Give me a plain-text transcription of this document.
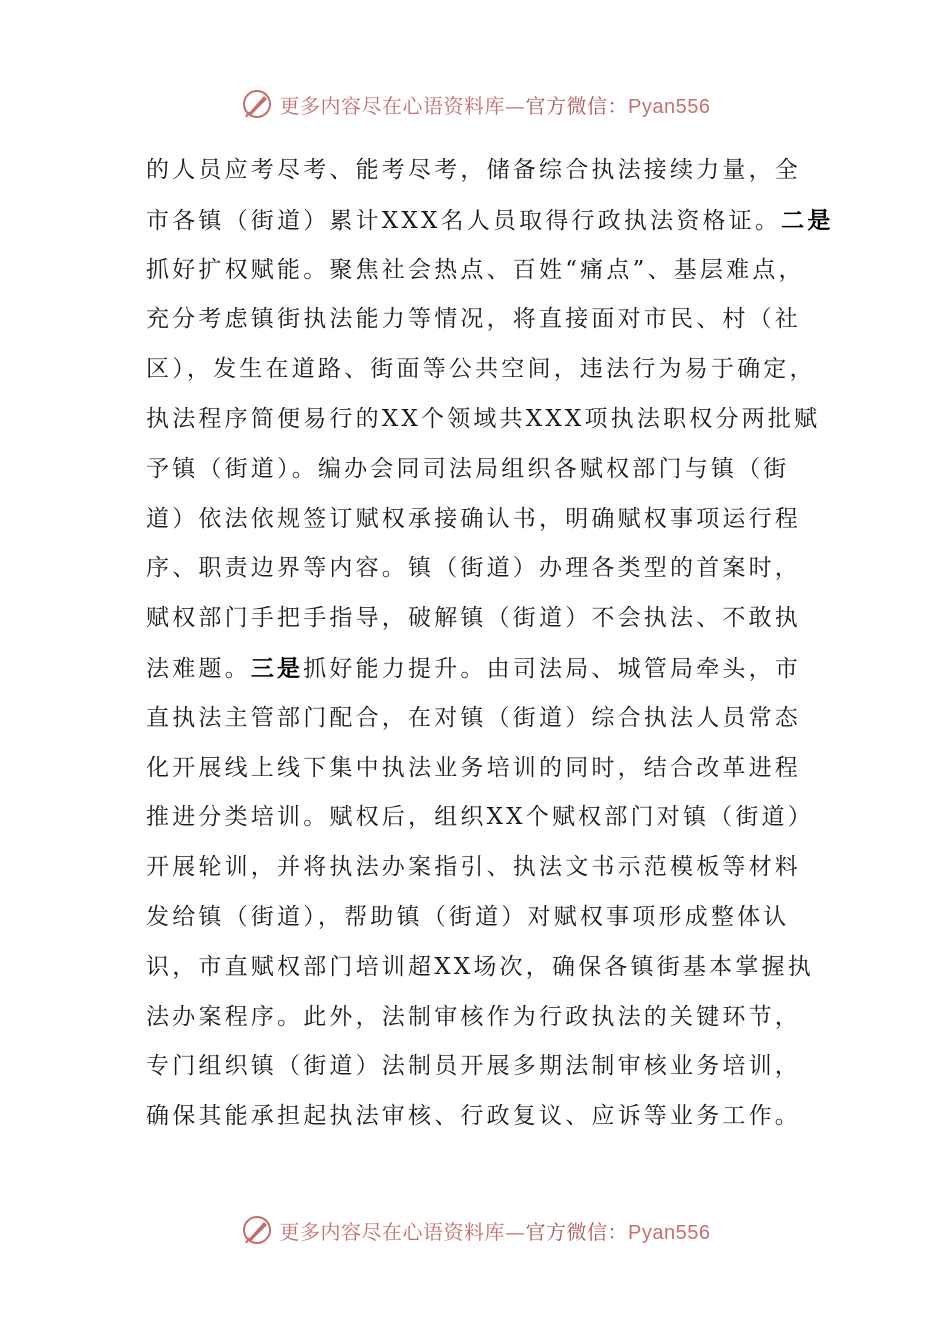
更多内容尽在心语资料库—官方微信：Pyan556
的人员应考尽考、能考尽考，储备综合执法接续力量，全
市各镇（街道）累计XXX名人员取得行政执法资格证。二是
抓好扩权赋能。聚焦社会热点、百姓“痛点”、基层难点，
充分考虑镇街执法能力等情况，将直接面对市民、村（社
区），发生在道路、街面等公共空间，违法行为易于确定，
执法程序简便易行的XX个领域共XXX项执法职权分两批赋
予镇（街道）。编办会同司法局组织各赋权部门与镇（街
道）依法依规签订赋权承接确认书，明确赋权事项运行程
序、职责边界等内容。镇（街道）办理各类型的首案时，
赋权部门手把手指导，破解镇（街道）不会执法、不敢执
法难题。三是抓好能力提升。由司法局、城管局牵头，市
直执法主管部门配合，在对镇（街道）综合执法人员常态
化开展线上线下集中执法业务培训的同时，结合改革进程
推进分类培训。赋权后，组织XX个赋权部门对镇（街道）
开展轮训，并将执法办案指引、执法文书示范模板等材料
发给镇（街道），帮助镇（街道）对赋权事项形成整体认
识，市直赋权部门培训超XX场次，确保各镇街基本掌握执
法办案程序。此外，法制审核作为行政执法的关键环节，
专门组织镇（街道）法制员开展多期法制审核业务培训，
确保其能承担起执法审核、行政复议、应诉等业务工作。
更多内容尽在心语资料库—官方微信：Pyan556
